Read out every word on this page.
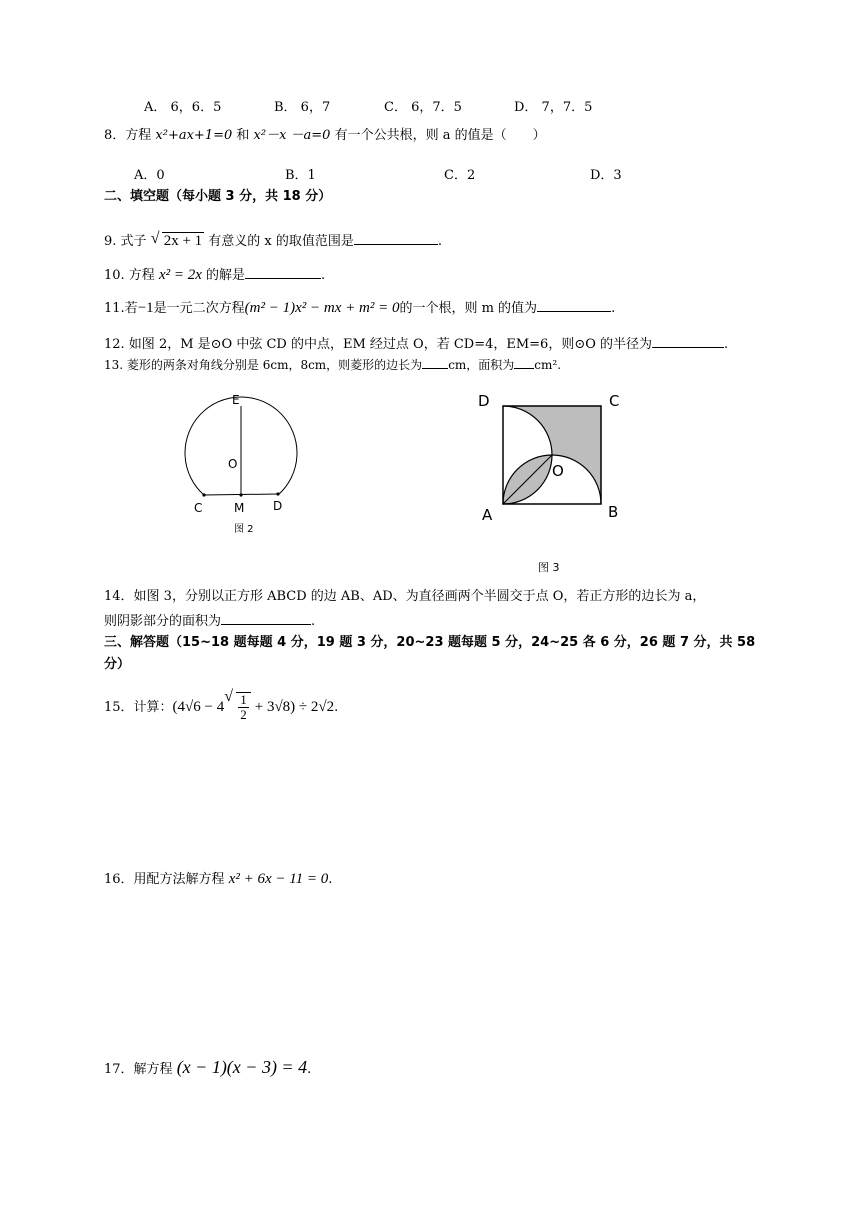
A． 6，6．5	B． 6，7	C． 6，7．5	D． 7，7．5
8．方程 x²+ax+1=0 和 x²－x －a=0 有一个公共根，则 a 的值是（　　）
A．0	B．1	C．2	D．3
二、填空题（每小题 3 分，共 18 分）
9. 式子 √ 2x + 1 有意义的 x 的取值范围是	.
10. 方程 x² = 2x 的解是	.
11.若−1是一元二次方程(m² − 1)x² − mx + m² = 0的一个根，则 m 的值为	.
12. 如图 2，M 是⊙O 中弦 CD 的中点，EM 经过点 O，若 CD=4，EM=6，则⊙O 的半径为	.
13. 菱形的两条对角线分别是 6cm，8cm，则菱形的边长为 cm，面积为 cm².
E
O
C	M D
图 2
D	C
A	B
O
图 3
14．如图 3，分别以正方形 ABCD 的边 AB、AD、为直径画两个半圆交于点 O，若正方形的边长为 a，
则阴影部分的面积为	.
三、解答题（15~18 题每题 4 分，19 题 3 分，20~23 题每题 5 分，24~25 各 6 分，26 题 7 分，共 58
分）
15．计算： (4√6 − 4 √ $\frac{1}{2} + 3√8) \div 2√2$ .
16．用配方法解方程 x² + 6x − 11 = 0.
17．解方程 (x − 1)(x − 3) = 4.
